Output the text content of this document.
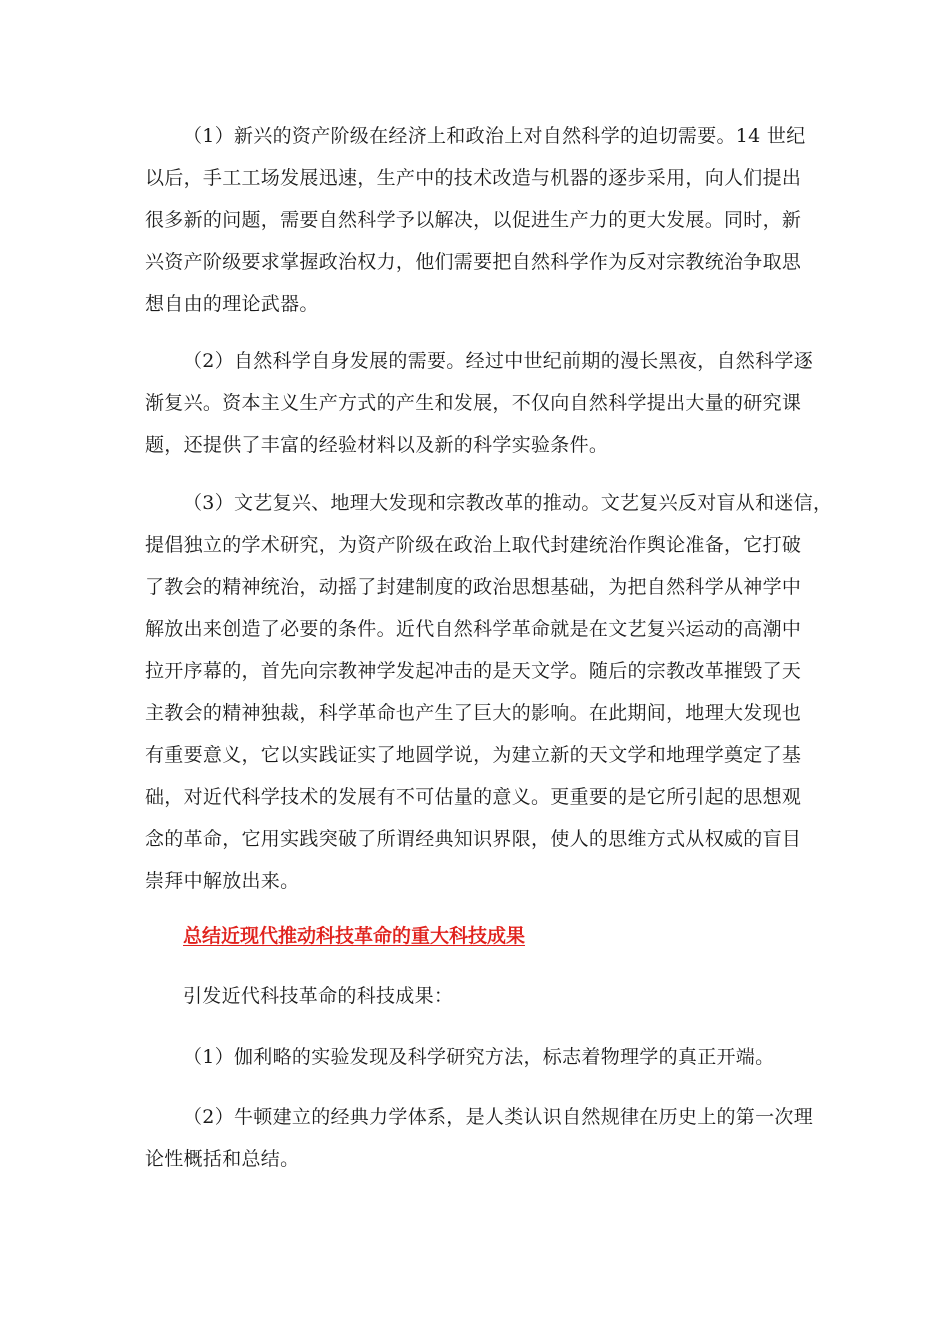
（1）新兴的资产阶级在经济上和政治上对自然科学的迫切需要。14 世纪
以后，手工工场发展迅速，生产中的技术改造与机器的逐步采用，向人们提出
很多新的问题，需要自然科学予以解决，以促进生产力的更大发展。同时，新
兴资产阶级要求掌握政治权力，他们需要把自然科学作为反对宗教统治争取思
想自由的理论武器。
（2）自然科学自身发展的需要。经过中世纪前期的漫长黑夜，自然科学逐
渐复兴。资本主义生产方式的产生和发展，不仅向自然科学提出大量的研究课
题，还提供了丰富的经验材料以及新的科学实验条件。
（3）文艺复兴、地理大发现和宗教改革的推动。文艺复兴反对盲从和迷信，
提倡独立的学术研究，为资产阶级在政治上取代封建统治作舆论准备，它打破
了教会的精神统治，动摇了封建制度的政治思想基础，为把自然科学从神学中
解放出来创造了必要的条件。近代自然科学革命就是在文艺复兴运动的高潮中
拉开序幕的，首先向宗教神学发起冲击的是天文学。随后的宗教改革摧毁了天
主教会的精神独裁，科学革命也产生了巨大的影响。在此期间，地理大发现也
有重要意义，它以实践证实了地圆学说，为建立新的天文学和地理学奠定了基
础，对近代科学技术的发展有不可估量的意义。更重要的是它所引起的思想观
念的革命，它用实践突破了所谓经典知识界限，使人的思维方式从权威的盲目
崇拜中解放出来。
总结近现代推动科技革命的重大科技成果
引发近代科技革命的科技成果：
（1）伽利略的实验发现及科学研究方法，标志着物理学的真正开端。
（2）牛顿建立的经典力学体系，是人类认识自然规律在历史上的第一次理
论性概括和总结。
